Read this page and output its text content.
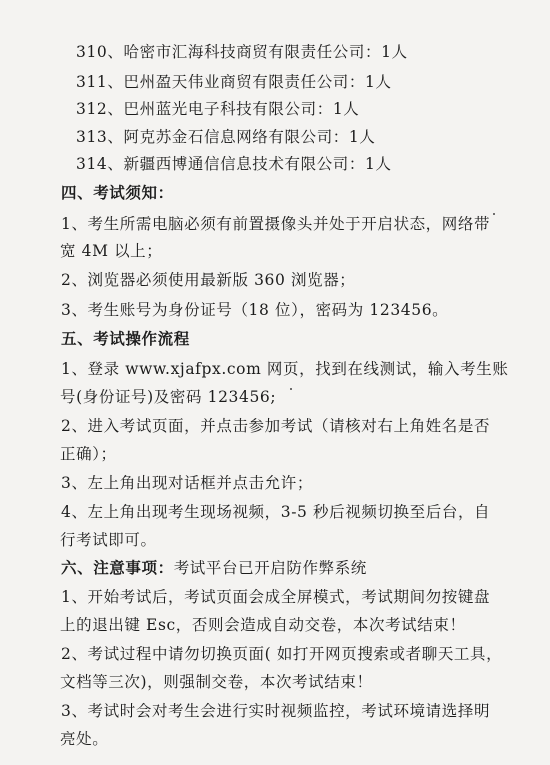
310、哈密市汇海科技商贸有限责任公司：1人
311、巴州盈天伟业商贸有限责任公司：1人
312、巴州蓝光电子科技有限公司：1人
313、阿克苏金石信息网络有限公司：1人
314、新疆西博通信信息技术有限公司：1人
四、考试须知：
1、考生所需电脑必须有前置摄像头并处于开启状态，网络带
宽 4M 以上；
2、浏览器必须使用最新版 360 浏览器；
3、考生账号为身份证号（18 位），密码为 123456。
五、考试操作流程
1、登录 www.xjafpx.com 网页，找到在线测试，输入考生账
号(身份证号)及密码 123456;
2、进入考试页面，并点击参加考试（请核对右上角姓名是否
正确）；
3、左上角出现对话框并点击允许；
4、左上角出现考生现场视频，3-5 秒后视频切换至后台，自
行考试即可。
六、注意事项：考试平台已开启防作弊系统
1、开始考试后，考试页面会成全屏模式，考试期间勿按键盘
上的退出键 Esc，否则会造成自动交卷，本次考试结束！
2、考试过程中请勿切换页面( 如打开网页搜索或者聊天工具，
文档等三次)，则强制交卷，本次考试结束！
3、考试时会对考生会进行实时视频监控，考试环境请选择明
亮处。
